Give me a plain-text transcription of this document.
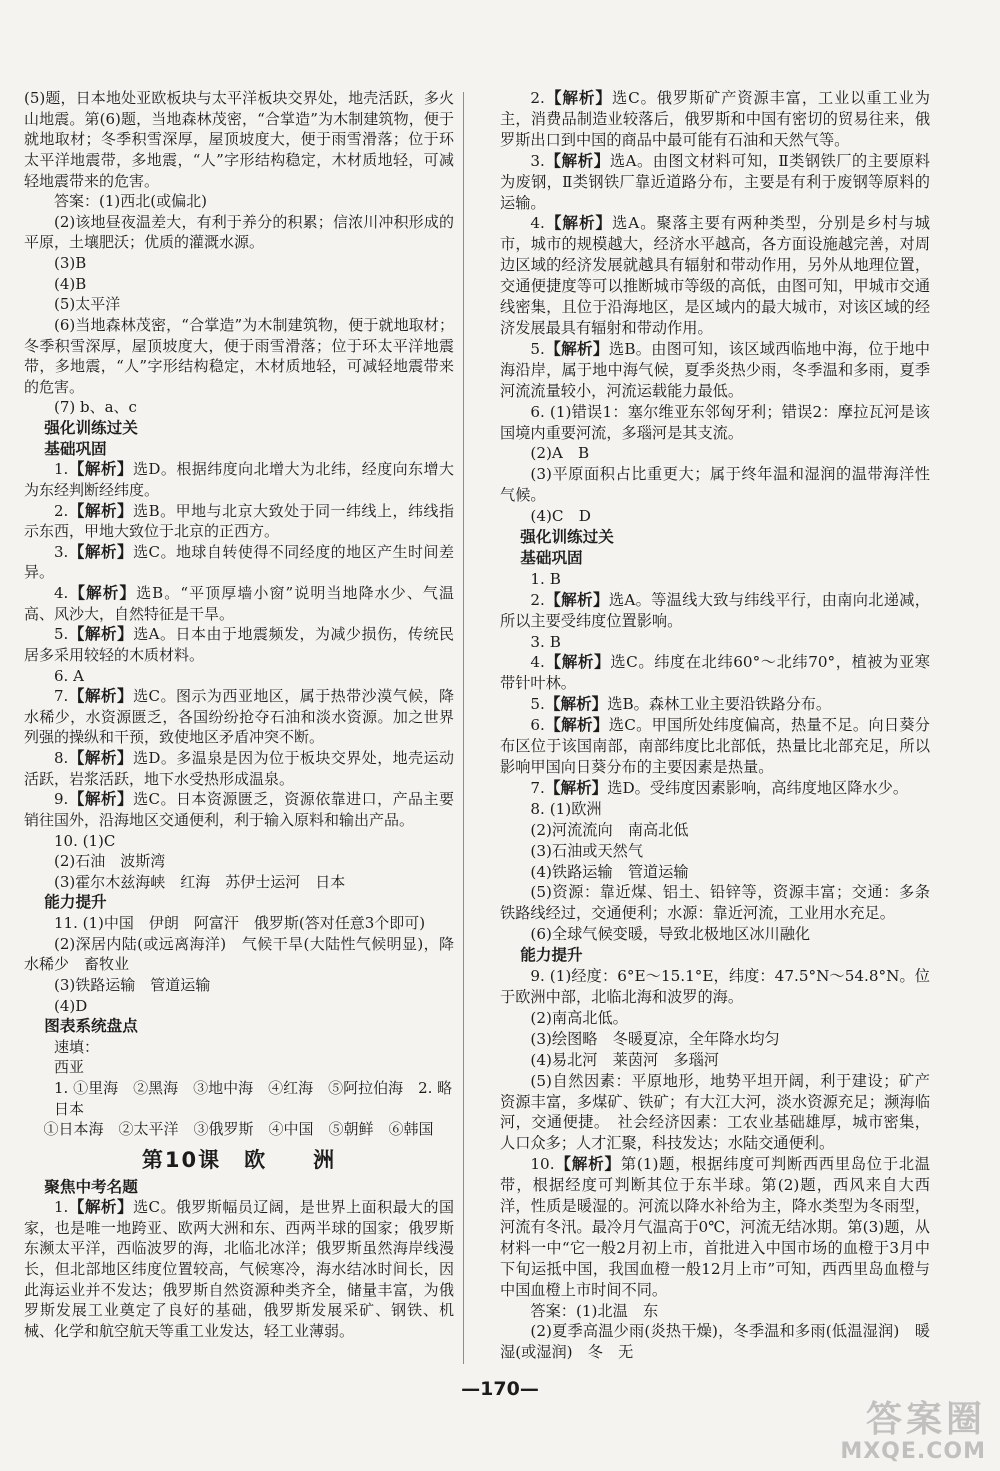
(5)题，日本地处亚欧板块与太平洋板块交界处，地壳活跃，多火山地震。第(6)题，当地森林茂密，“合掌造”为木制建筑物，便于就地取材；冬季积雪深厚，屋顶坡度大，便于雨雪滑落；位于环太平洋地震带，多地震，“人”字形结构稳定，木材质地轻，可减轻地震带来的危害。

答案：(1)西北(或偏北)

(2)该地昼夜温差大，有利于养分的积累；信浓川冲积形成的平原，土壤肥沃；优质的灌溉水源。

(3)B

(4)B

(5)太平洋

(6)当地森林茂密，“合掌造”为木制建筑物，便于就地取材；冬季积雪深厚，屋顶坡度大，便于雨雪滑落；位于环太平洋地震带，多地震，“人”字形结构稳定，木材质地轻，可减轻地震带来的危害。

(7) b、a、c

强化训练过关

基础巩固

1.【解析】选D。根据纬度向北增大为北纬，经度向东增大为东经判断经纬度。

2.【解析】选B。甲地与北京大致处于同一纬线上，纬线指示东西，甲地大致位于北京的正西方。

3.【解析】选C。地球自转使得不同经度的地区产生时间差异。

4.【解析】选B。“平顶厚墙小窗”说明当地降水少、气温高、风沙大，自然特征是干旱。

5.【解析】选A。日本由于地震频发，为减少损伤，传统民居多采用较轻的木质材料。

6. A

7.【解析】选C。图示为西亚地区，属于热带沙漠气候，降水稀少，水资源匮乏，各国纷纷抢夺石油和淡水资源。加之世界列强的操纵和干预，致使地区矛盾冲突不断。

8.【解析】选D。多温泉是因为位于板块交界处，地壳运动活跃，岩浆活跃，地下水受热形成温泉。

9.【解析】选C。日本资源匮乏，资源依靠进口，产品主要销往国外，沿海地区交通便利，利于输入原料和输出产品。

10. (1)C

(2)石油　波斯湾

(3)霍尔木兹海峡　红海　苏伊士运河　日本

能力提升

11. (1)中国　伊朗　阿富汗　俄罗斯(答对任意3个即可)

(2)深居内陆(或远离海洋)　气候干旱(大陆性气候明显)，降水稀少　畜牧业

(3)铁路运输　管道运输

(4)D

图表系统盘点

速填：

西亚

1. ①里海　②黑海　③地中海　④红海　⑤阿拉伯海　2. 略

日本

①日本海　②太平洋　③俄罗斯　④中国　⑤朝鲜　⑥韩国

第10课　欧　　洲

聚焦中考名题

1.【解析】选C。俄罗斯幅员辽阔，是世界上面积最大的国家，也是唯一地跨亚、欧两大洲和东、西两半球的国家；俄罗斯东濒太平洋，西临波罗的海，北临北冰洋；俄罗斯虽然海岸线漫长，但北部地区纬度位置较高，气候寒冷，海水结冰时间长，因此海运业并不发达；俄罗斯自然资源种类齐全，储量丰富，为俄罗斯发展工业奠定了良好的基础，俄罗斯发展采矿、钢铁、机械、化学和航空航天等重工业发达，轻工业薄弱。

2.【解析】选C。俄罗斯矿产资源丰富，工业以重工业为主，消费品制造业较落后，俄罗斯和中国有密切的贸易往来，俄罗斯出口到中国的商品中最可能有石油和天然气等。

3.【解析】选A。由图文材料可知，Ⅱ类钢铁厂的主要原料为废钢，Ⅱ类钢铁厂靠近道路分布，主要是有利于废钢等原料的运输。

4.【解析】选A。聚落主要有两种类型，分别是乡村与城市，城市的规模越大，经济水平越高，各方面设施越完善，对周边区域的经济发展就越具有辐射和带动作用，另外从地理位置，交通便捷度等可以推断城市等级的高低，由图可知，甲城市交通线密集，且位于沿海地区，是区域内的最大城市，对该区域的经济发展最具有辐射和带动作用。

5.【解析】选B。由图可知，该区域西临地中海，位于地中海沿岸，属于地中海气候，夏季炎热少雨，冬季温和多雨，夏季河流流量较小，河流运载能力最低。

6. (1)错误1：塞尔维亚东邻匈牙利；错误2：摩拉瓦河是该国境内重要河流，多瑙河是其支流。

(2)A　B

(3)平原面积占比重更大；属于终年温和湿润的温带海洋性气候。

(4)C　D

强化训练过关

基础巩固

1. B

2.【解析】选A。等温线大致与纬线平行，由南向北递减，所以主要受纬度位置影响。

3. B

4.【解析】选C。纬度在北纬60°～北纬70°，植被为亚寒带针叶林。

5.【解析】选B。森林工业主要沿铁路分布。

6.【解析】选C。甲国所处纬度偏高，热量不足。向日葵分布区位于该国南部，南部纬度比北部低，热量比北部充足，所以影响甲国向日葵分布的主要因素是热量。

7.【解析】选D。受纬度因素影响，高纬度地区降水少。

8. (1)欧洲

(2)河流流向　南高北低

(3)石油或天然气

(4)铁路运输　管道运输

(5)资源：靠近煤、铝土、铅锌等，资源丰富；交通：多条铁路线经过，交通便利；水源：靠近河流，工业用水充足。

(6)全球气候变暖，导致北极地区冰川融化

能力提升

9. (1)经度：6°E～15.1°E，纬度：47.5°N～54.8°N。位于欧洲中部，北临北海和波罗的海。

(2)南高北低。

(3)绘图略　冬暖夏凉，全年降水均匀

(4)易北河　莱茵河　多瑙河

(5)自然因素：平原地形，地势平坦开阔，利于建设；矿产资源丰富，多煤矿、铁矿；有大江大河，淡水资源充足；濒海临河，交通便捷。　社会经济因素：工农业基础雄厚，城市密集，人口众多；人才汇聚，科技发达；水陆交通便利。

10.【解析】第(1)题，根据纬度可判断西西里岛位于北温带，根据经度可判断其位于东半球。第(2)题，西风来自大西洋，性质是暖湿的。河流以降水补给为主，降水类型为冬雨型，河流有冬汛。最冷月气温高于0℃，河流无结冰期。第(3)题，从材料一中“它一般2月初上市，首批进入中国市场的血橙于3月中下旬运抵中国，我国血橙一般12月上市”可知，西西里岛血橙与中国血橙上市时间不同。

答案：(1)北温　东

(2)夏季高温少雨(炎热干燥)，冬季温和多雨(低温湿润)　暖湿(或湿润)　冬　无

—170—
答案圈
MXQE.COM
